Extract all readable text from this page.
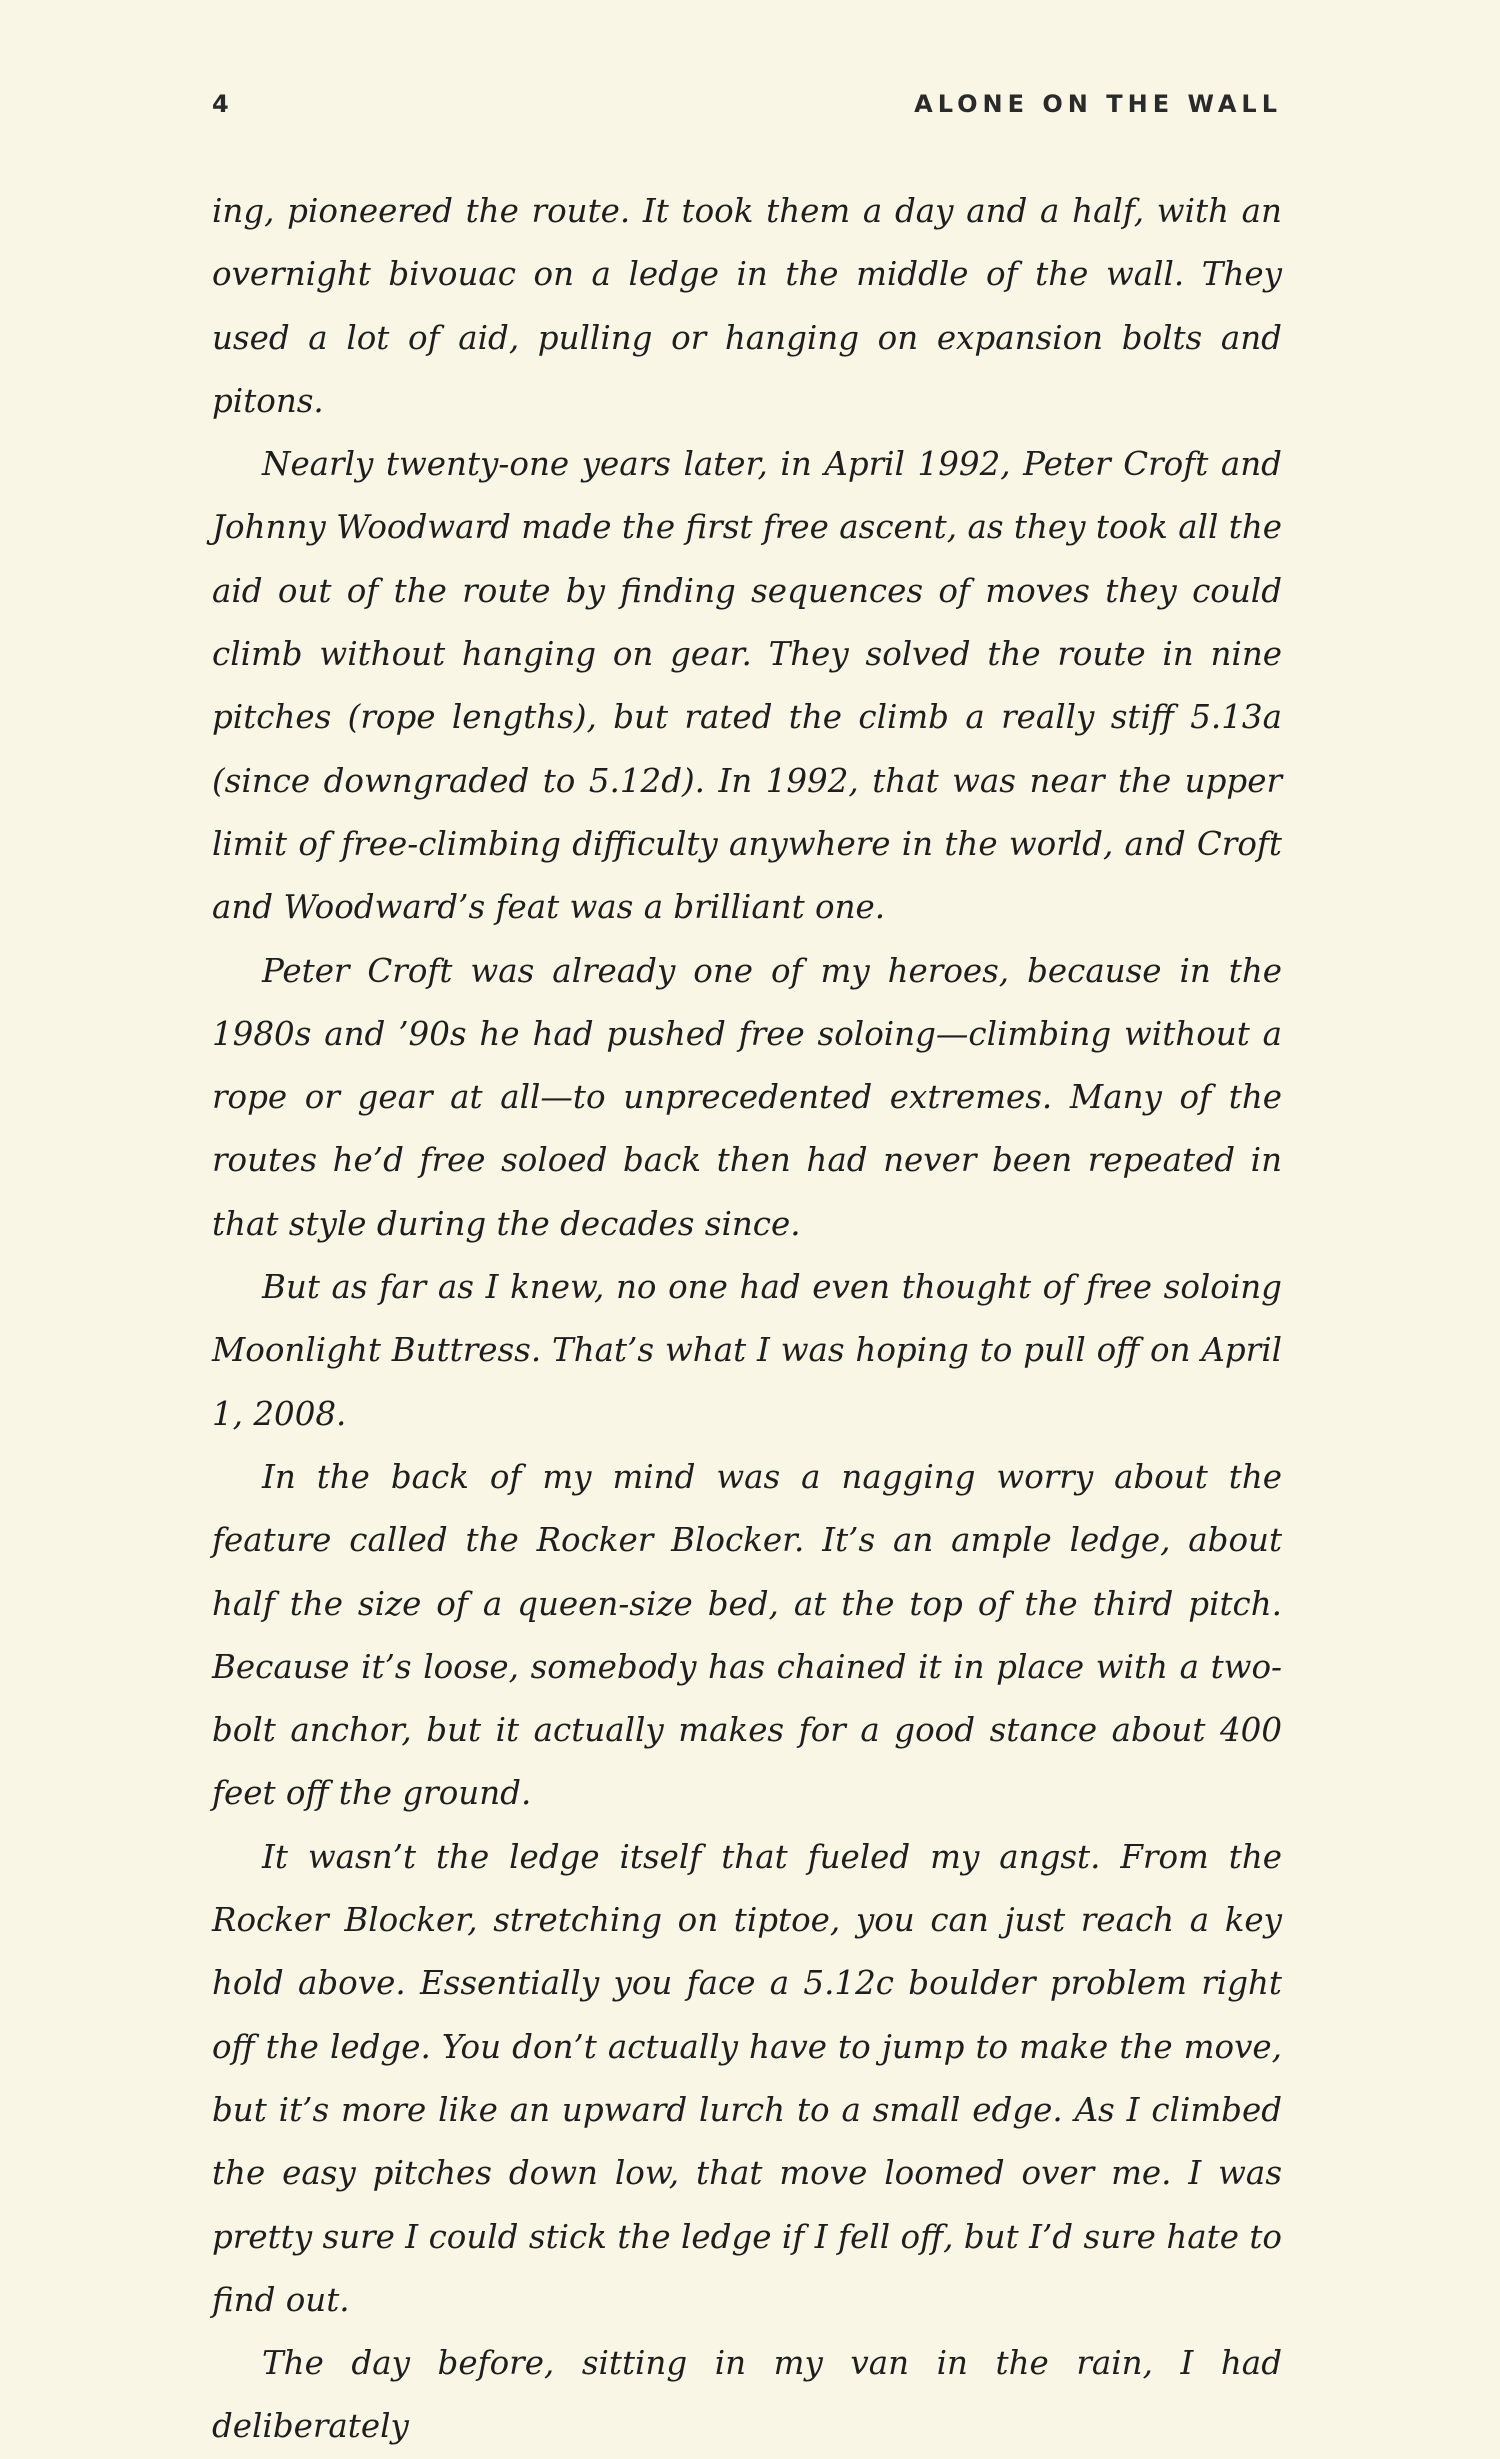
4	ALONE ON THE WALL

ing, pioneered the route. It took them a day and a half, with an overnight bivouac on a ledge in the middle of the wall. They used a lot of aid, pulling or hanging on expansion bolts and pitons.

Nearly twenty-one years later, in April 1992, Peter Croft and Johnny Woodward made the first free ascent, as they took all the aid out of the route by finding sequences of moves they could climb without hanging on gear. They solved the route in nine pitches (rope lengths), but rated the climb a really stiff 5.13a (since downgraded to 5.12d). In 1992, that was near the upper limit of free-climbing difficulty anywhere in the world, and Croft and Woodward’s feat was a brilliant one.

Peter Croft was already one of my heroes, because in the 1980s and ’90s he had pushed free soloing—climbing without a rope or gear at all—to unprecedented extremes. Many of the routes he’d free soloed back then had never been repeated in that style during the decades since.

But as far as I knew, no one had even thought of free soloing Moonlight Buttress. That’s what I was hoping to pull off on April 1, 2008.

In the back of my mind was a nagging worry about the feature called the Rocker Blocker. It’s an ample ledge, about half the size of a queen-size bed, at the top of the third pitch. Because it’s loose, somebody has chained it in place with a two-bolt anchor, but it actually makes for a good stance about 400 feet off the ground.

It wasn’t the ledge itself that fueled my angst. From the Rocker Blocker, stretching on tiptoe, you can just reach a key hold above. Essentially you face a 5.12c boulder problem right off the ledge. You don’t actually have to jump to make the move, but it’s more like an upward lurch to a small edge. As I climbed the easy pitches down low, that move loomed over me. I was pretty sure I could stick the ledge if I fell off, but I’d sure hate to find out.

The day before, sitting in my van in the rain, I had deliberately
